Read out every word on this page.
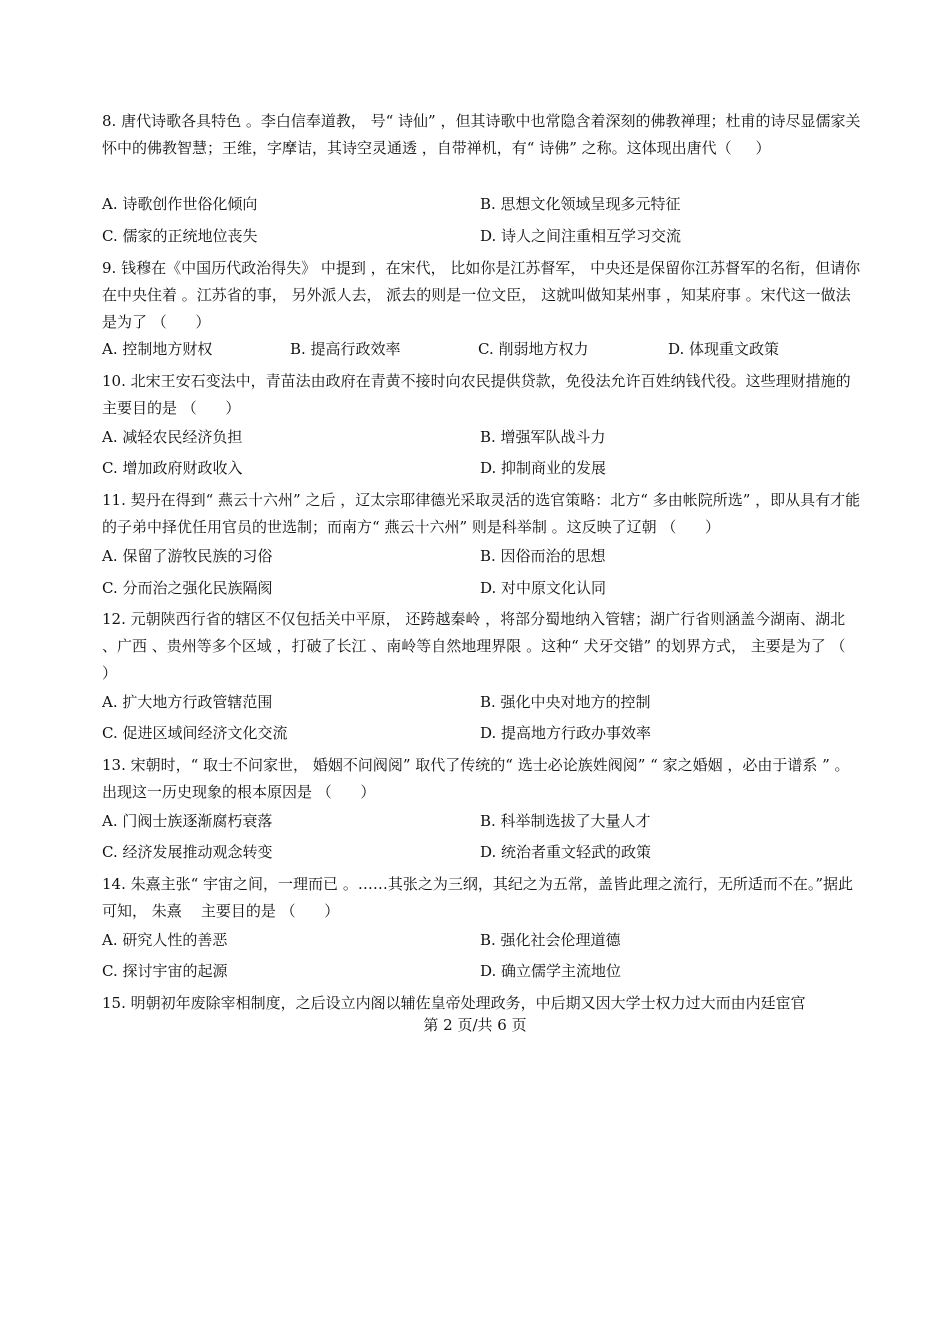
8. 唐代诗歌各具特色 。李白信奉道教， 号“ 诗仙” ，但其诗歌中也常隐含着深刻的佛教禅理；杜甫的诗尽显儒家关怀中的佛教智慧；王维，字摩诘，其诗空灵通透 ，自带禅机，有“ 诗佛” 之称。这体现出唐代（     ）
A. 诗歌创作世俗化倾向	B. 思想文化领域呈现多元特征
C. 儒家的正统地位丧失	D. 诗人之间注重相互学习交流
9. 钱穆在《中国历代政治得失》 中提到 ，在宋代， 比如你是江苏督军， 中央还是保留你江苏督军的名衔，但请你在中央住着 。江苏省的事， 另外派人去， 派去的则是一位文臣， 这就叫做知某州事 ，知某府事 。宋代这一做法是为了 （      ）
A. 控制地方财权	B. 提高行政效率	C. 削弱地方权力	D. 体现重文政策
10. 北宋王安石变法中，青苗法由政府在青黄不接时向农民提供贷款，免役法允许百姓纳钱代役。这些理财措施的主要目的是 （      ）
A. 减轻农民经济负担	B. 增强军队战斗力
C. 增加政府财政收入	D. 抑制商业的发展
11. 契丹在得到“ 燕云十六州” 之后 ，辽太宗耶律德光采取灵活的选官策略：北方“ 多由帐院所选” ，即从具有才能的子弟中择优任用官员的世选制；而南方“ 燕云十六州” 则是科举制 。这反映了辽朝 （      ）
A. 保留了游牧民族的习俗	B. 因俗而治的思想
C. 分而治之强化民族隔阂	D. 对中原文化认同
12. 元朝陕西行省的辖区不仅包括关中平原， 还跨越秦岭 ，将部分蜀地纳入管辖；湖广行省则涵盖今湖南、湖北 、广西 、贵州等多个区域 ，打破了长江 、南岭等自然地理界限 。这种“ 犬牙交错” 的划界方式， 主要是为了 （      ）
A. 扩大地方行政管辖范围	B. 强化中央对地方的控制
C. 促进区域间经济文化交流	D. 提高地方行政办事效率
13. 宋朝时，“ 取士不问家世， 婚姻不问阀阅” 取代了传统的“ 选士必论族姓阀阅” “ 家之婚姻 ，必由于谱系 ” 。出现这一历史现象的根本原因是 （      ）
A. 门阀士族逐渐腐朽衰落	B. 科举制选拔了大量人才
C. 经济发展推动观念转变	D. 统治者重文轻武的政策
14. 朱熹主张“ 宇宙之间，一理而已 。……其张之为三纲，其纪之为五常，盖皆此理之流行，无所适而不在。”据此可知， 朱熹    主要目的是 （      ）
A. 研究人性的善恶	B. 强化社会伦理道德
C. 探讨宇宙的起源	D. 确立儒学主流地位
15. 明朝初年废除宰相制度，之后设立内阁以辅佐皇帝处理政务，中后期又因大学士权力过大而由内廷宦官
第 2 页/共 6 页
